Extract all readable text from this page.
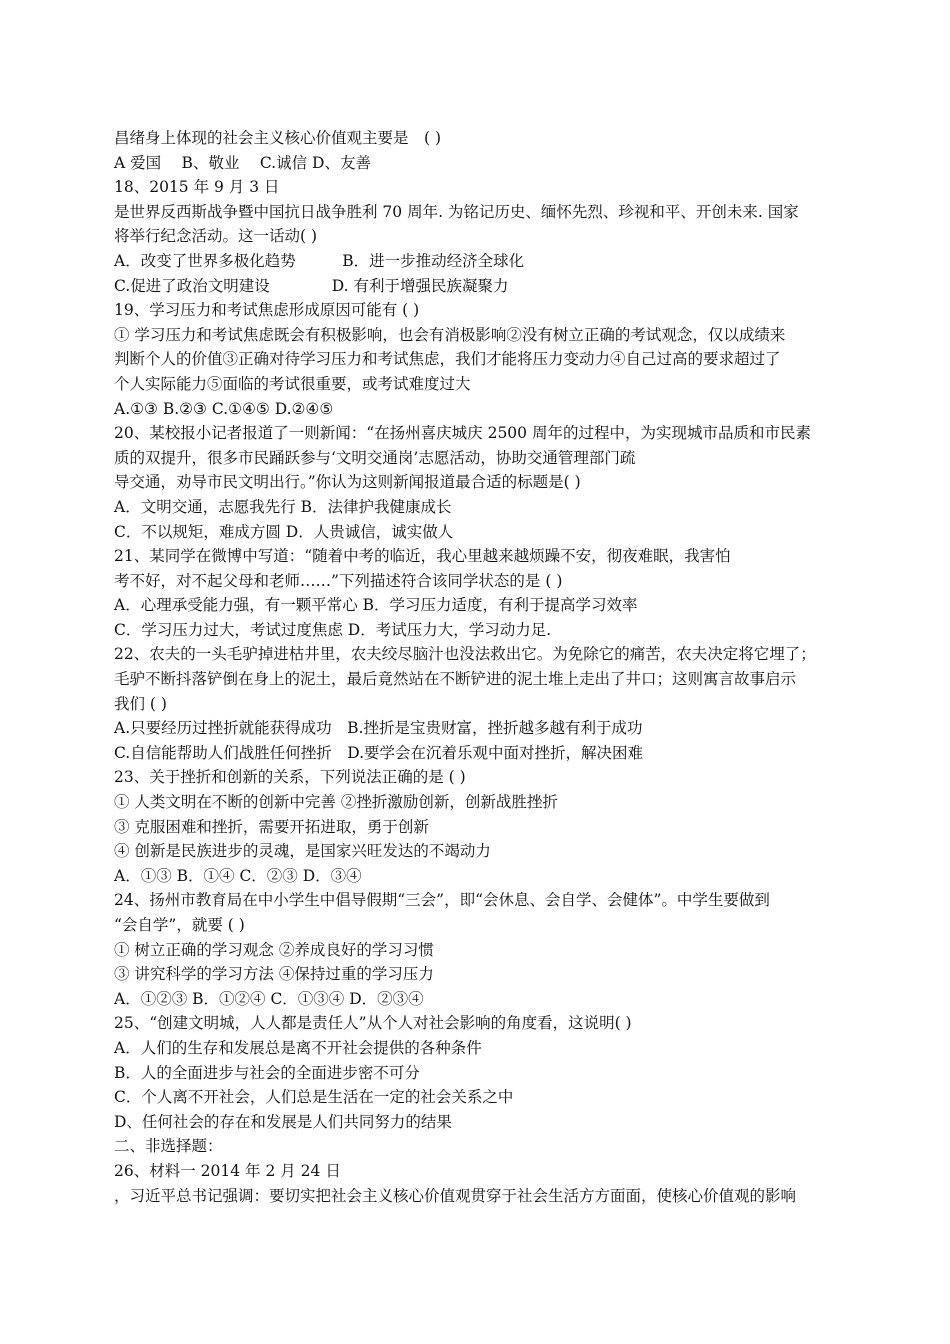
昌绪身上体现的社会主义核心价值观主要是　( )
A 爱国　 B、敬业　 C.诚信 D、友善
18、2015 年 9 月 3 日
是世界反西斯战争暨中国抗日战争胜利 70 周年. 为铭记历史、缅怀先烈、珍视和平、开创未来. 国家
将举行纪念活动。这一话动( )
A．改变了世界多极化趋势　　　B．进一步推动经济全球化
C.促进了政治文明建设　　　　D. 有利于增强民族凝聚力
19、学习压力和考试焦虑形成原因可能有 ( )
① 学习压力和考试焦虑既会有积极影响，也会有消极影响②没有树立正确的考试观念，仅以成绩来
判断个人的价值③正确对待学习压力和考试焦虑，我们才能将压力变动力④自己过高的要求超过了
个人实际能力⑤面临的考试很重要，或考试难度过大
A.①③ B.②③ C.①④⑤ D.②④⑤
20、某校报小记者报道了一则新闻：“在扬州喜庆城庆 2500 周年的过程中，为实现城市品质和市民素
质的双提升，很多市民踊跃参与‘文明交通岗’志愿活动，协助交通管理部门疏
导交通，劝导市民文明出行。”你认为这则新闻报道最合适的标题是( )
A．文明交通，志愿我先行 B．法律护我健康成长
C．不以规矩，难成方圆 D．人贵诚信，诚实做人
21、某同学在微博中写道：“随着中考的临近，我心里越来越烦躁不安，彻夜难眠，我害怕
考不好，对不起父母和老师……”下列描述符合该同学状态的是 ( )
A．心理承受能力强，有一颗平常心 B．学习压力适度，有利于提高学习效率
C．学习压力过大，考试过度焦虑 D．考试压力大，学习动力足.
22、农夫的一头毛驴掉进枯井里，农夫绞尽脑汁也没法救出它。为免除它的痛苦，农夫决定将它埋了；
毛驴不断抖落铲倒在身上的泥土，最后竟然站在不断铲进的泥土堆上走出了井口；这则寓言故事启示
我们 ( )
A.只要经历过挫折就能获得成功　B.挫折是宝贵财富，挫折越多越有利于成功
C.自信能帮助人们战胜任何挫折　D.要学会在沉着乐观中面对挫折，解决困难
23、关于挫折和创新的关系，下列说法正确的是 ( )
① 人类文明在不断的创新中完善 ②挫折激励创新，创新战胜挫折
③ 克服困难和挫折，需要开拓进取，勇于创新
④ 创新是民族进步的灵魂，是国家兴旺发达的不竭动力
A．①③ B．①④ C．②③ D．③④
24、扬州市教育局在中小学生中倡导假期“三会”，即“会休息、会自学、会健体”。中学生要做到
“会自学”，就要 ( )
① 树立正确的学习观念 ②养成良好的学习习惯
③ 讲究科学的学习方法 ④保持过重的学习压力
A．①②③ B．①②④ C．①③④ D．②③④
25、“创建文明城，人人都是责任人”从个人对社会影响的角度看，这说明( )
A．人们的生存和发展总是离不开社会提供的各种条件
B．人的全面进步与社会的全面进步密不可分
C．个人离不开社会，人们总是生活在一定的社会关系之中
D、任何社会的存在和发展是人们共同努力的结果
二、非选择题：
26、材料一 2014 年 2 月 24 日
，习近平总书记强调：要切实把社会主义核心价值观贯穿于社会生活方方面面，使核心价值观的影响
